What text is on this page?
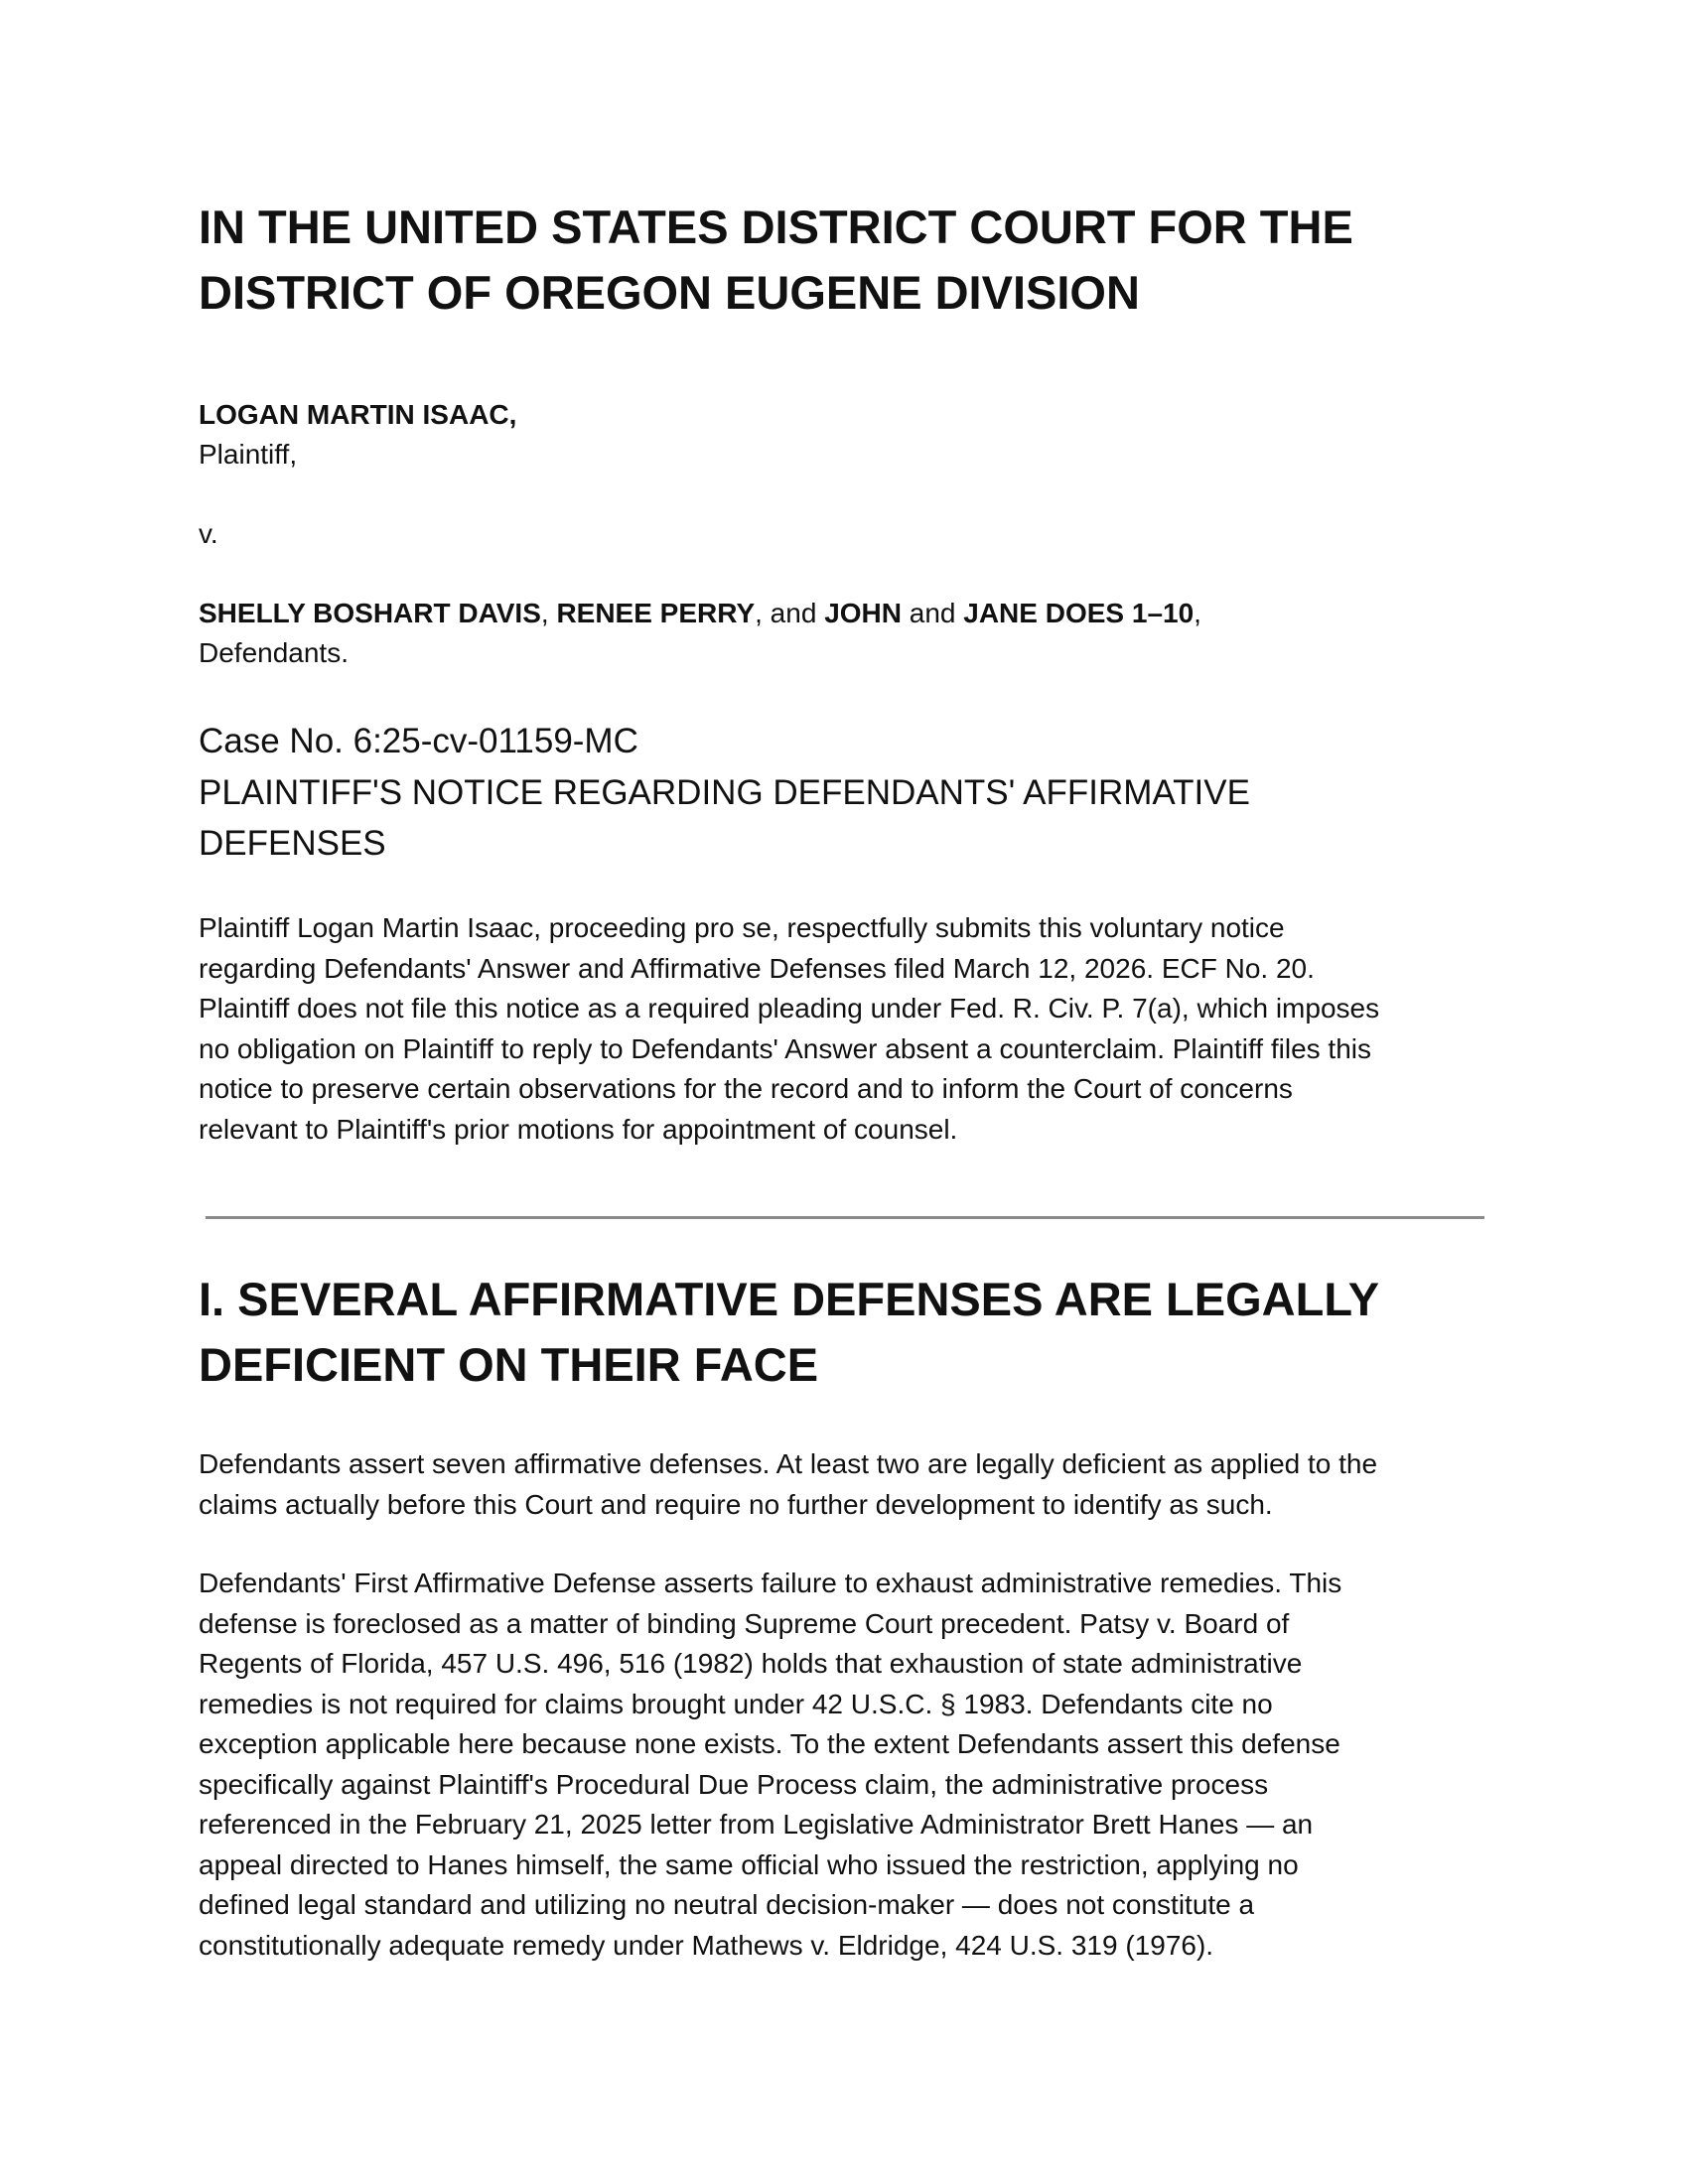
IN THE UNITED STATES DISTRICT COURT FOR THE
DISTRICT OF OREGON EUGENE DIVISION
LOGAN MARTIN ISAAC,
Plaintiff,
v.
SHELLY BOSHART DAVIS, RENEE PERRY, and JOHN and JANE DOES 1–10,
Defendants.
Case No. 6:25-cv-01159-MC
PLAINTIFF'S NOTICE REGARDING DEFENDANTS' AFFIRMATIVE
DEFENSES

Plaintiff Logan Martin Isaac, proceeding pro se, respectfully submits this voluntary notice
regarding Defendants' Answer and Affirmative Defenses filed March 12, 2026. ECF No. 20.
Plaintiff does not file this notice as a required pleading under Fed. R. Civ. P. 7(a), which imposes
no obligation on Plaintiff to reply to Defendants' Answer absent a counterclaim. Plaintiff files this
notice to preserve certain observations for the record and to inform the Court of concerns
relevant to Plaintiff's prior motions for appointment of counsel.

I. SEVERAL AFFIRMATIVE DEFENSES ARE LEGALLY
DEFICIENT ON THEIR FACE

Defendants assert seven affirmative defenses. At least two are legally deficient as applied to the
claims actually before this Court and require no further development to identify as such.

Defendants' First Affirmative Defense asserts failure to exhaust administrative remedies. This
defense is foreclosed as a matter of binding Supreme Court precedent. Patsy v. Board of
Regents of Florida, 457 U.S. 496, 516 (1982) holds that exhaustion of state administrative
remedies is not required for claims brought under 42 U.S.C. § 1983. Defendants cite no
exception applicable here because none exists. To the extent Defendants assert this defense
specifically against Plaintiff's Procedural Due Process claim, the administrative process
referenced in the February 21, 2025 letter from Legislative Administrator Brett Hanes — an
appeal directed to Hanes himself, the same official who issued the restriction, applying no
defined legal standard and utilizing no neutral decision-maker — does not constitute a
constitutionally adequate remedy under Mathews v. Eldridge, 424 U.S. 319 (1976).
